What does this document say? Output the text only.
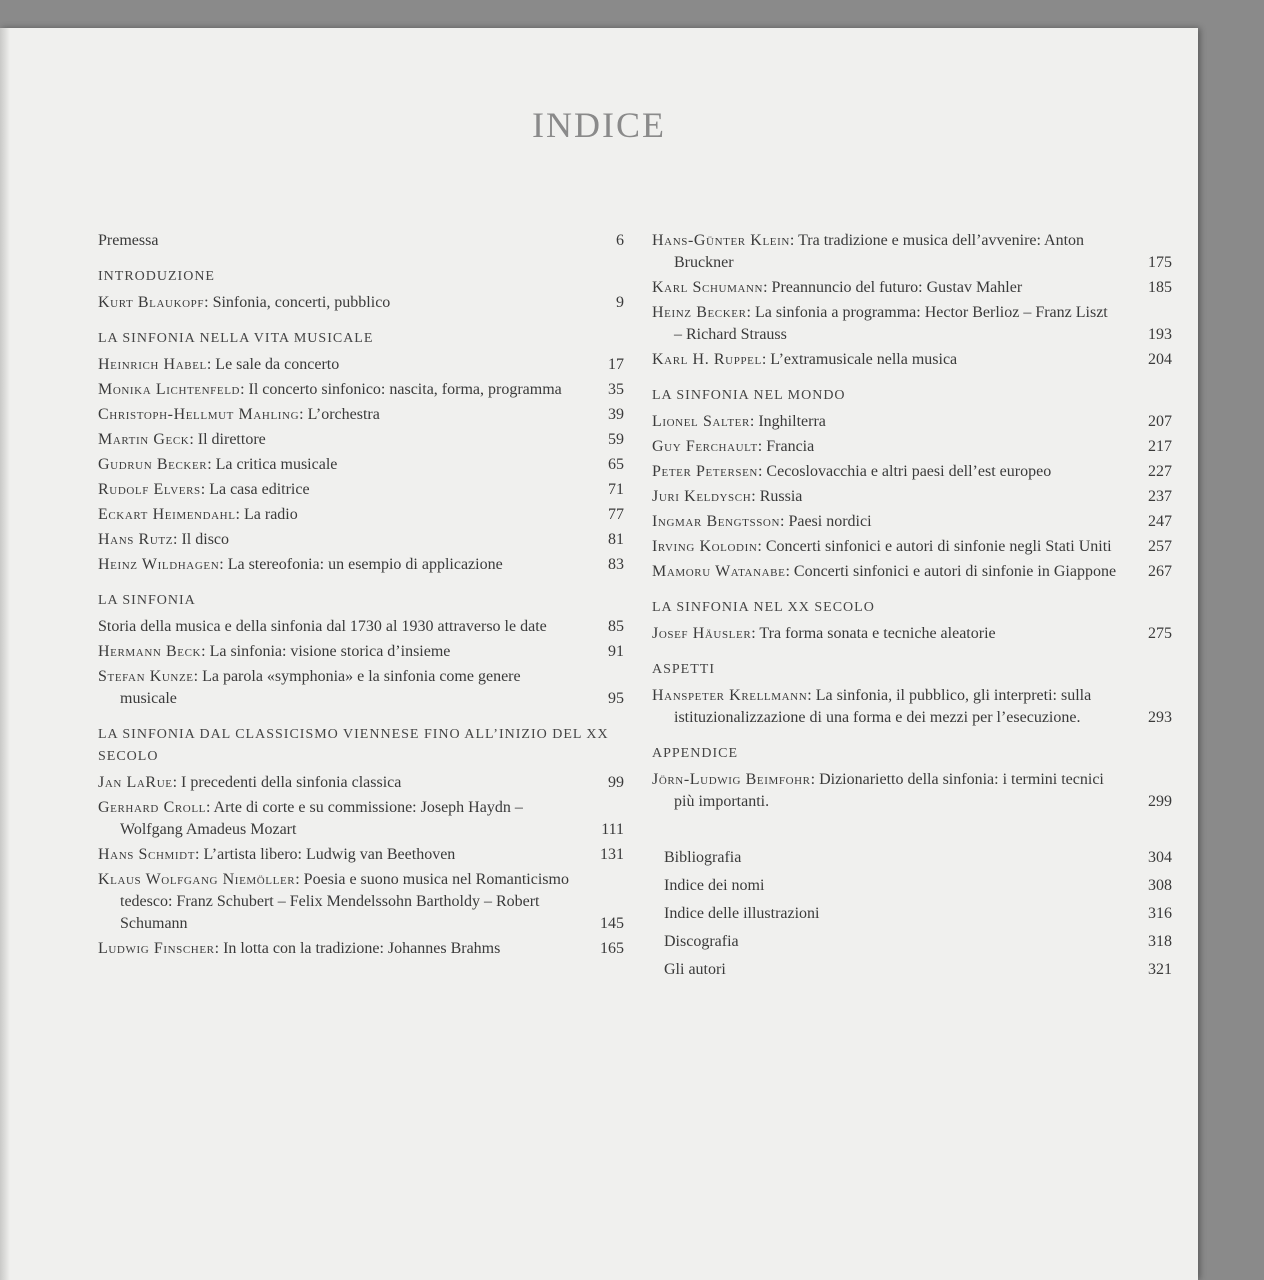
INDICE
Premessa	6
INTRODUZIONE
Kurt Blaukopf: Sinfonia, concerti, pubblico	9
LA SINFONIA NELLA VITA MUSICALE
Heinrich Habel: Le sale da concerto	17
Monika Lichtenfeld: Il concerto sinfonico: nascita, forma, programma	35
Christoph-Hellmut Mahling: L’orchestra	39
Martin Geck: Il direttore	59
Gudrun Becker: La critica musicale	65
Rudolf Elvers: La casa editrice	71
Eckart Heimendahl: La radio	77
Hans Rutz: Il disco	81
Heinz Wildhagen: La stereofonia: un esempio di applicazione	83
LA SINFONIA
Storia della musica e della sinfonia dal 1730 al 1930 attraverso le date	85
Hermann Beck: La sinfonia: visione storica d’insieme	91
Stefan Kunze: La parola «symphonia» e la sinfonia come genere musicale	95
LA SINFONIA DAL CLASSICISMO VIENNESE FINO ALL’INIZIO DEL XX SECOLO
Jan LaRue: I precedenti della sinfonia classica	99
Gerhard Croll: Arte di corte e su commissione: Joseph Haydn – Wolfgang Amadeus Mozart	111
Hans Schmidt: L’artista libero: Ludwig van Beethoven	131
Klaus Wolfgang Niemöller: Poesia e suono musica nel Romanticismo tedesco: Franz Schubert – Felix Mendelssohn Bartholdy – Robert Schumann	145
Ludwig Finscher: In lotta con la tradizione: Johannes Brahms	165
Hans-Günter Klein: Tra tradizione e musica dell’avvenire: Anton Bruckner	175
Karl Schumann: Preannuncio del futuro: Gustav Mahler	185
Heinz Becker: La sinfonia a programma: Hector Berlioz – Franz Liszt – Richard Strauss	193
Karl H. Ruppel: L’extramusicale nella musica	204
LA SINFONIA NEL MONDO
Lionel Salter: Inghilterra	207
Guy Ferchault: Francia	217
Peter Petersen: Cecoslovacchia e altri paesi dell’est europeo	227
Juri Keldysch: Russia	237
Ingmar Bengtsson: Paesi nordici	247
Irving Kolodin: Concerti sinfonici e autori di sinfonie negli Stati Uniti	257
Mamoru Watanabe: Concerti sinfonici e autori di sinfonie in Giappone	267
LA SINFONIA NEL XX SECOLO
Josef Häusler: Tra forma sonata e tecniche aleatorie	275
ASPETTI
Hanspeter Krellmann: La sinfonia, il pubblico, gli interpreti: sulla istituzionalizzazione di una forma e dei mezzi per l’esecuzione.	293
APPENDICE
Jörn-Ludwig Beimfohr: Dizionarietto della sinfonia: i termini tecnici più importanti.	299
Bibliografia	304
Indice dei nomi	308
Indice delle illustrazioni	316
Discografia	318
Gli autori	321
